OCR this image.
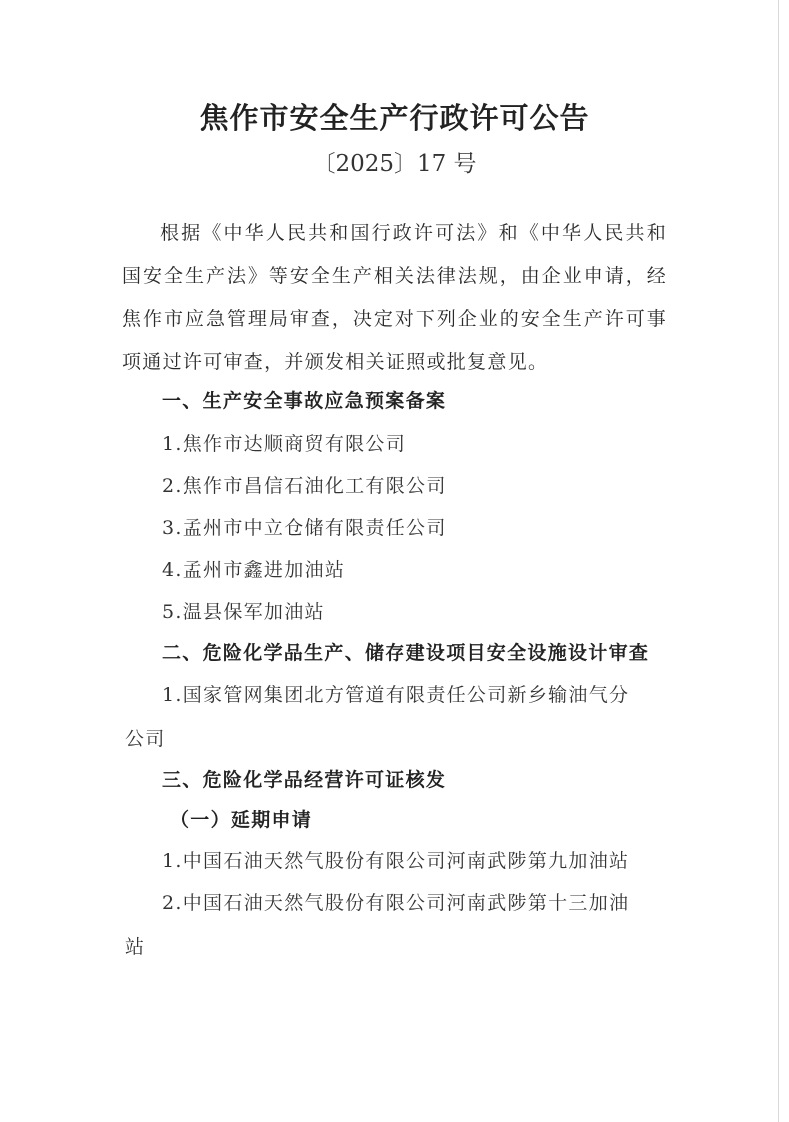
焦作市安全生产行政许可公告
〔2025〕17 号
根据《中华人民共和国行政许可法》和《中华人民共和国安全生产法》等安全生产相关法律法规，由企业申请，经焦作市应急管理局审查，决定对下列企业的安全生产许可事项通过许可审查，并颁发相关证照或批复意见。
一、生产安全事故应急预案备案
1.焦作市达顺商贸有限公司
2.焦作市昌信石油化工有限公司
3.孟州市中立仓储有限责任公司
4.孟州市鑫进加油站
5.温县保军加油站
二、危险化学品生产、储存建设项目安全设施设计审查
1.国家管网集团北方管道有限责任公司新乡输油气分
公司
三、危险化学品经营许可证核发
（一）延期申请
1.中国石油天然气股份有限公司河南武陟第九加油站
2.中国石油天然气股份有限公司河南武陟第十三加油
站
